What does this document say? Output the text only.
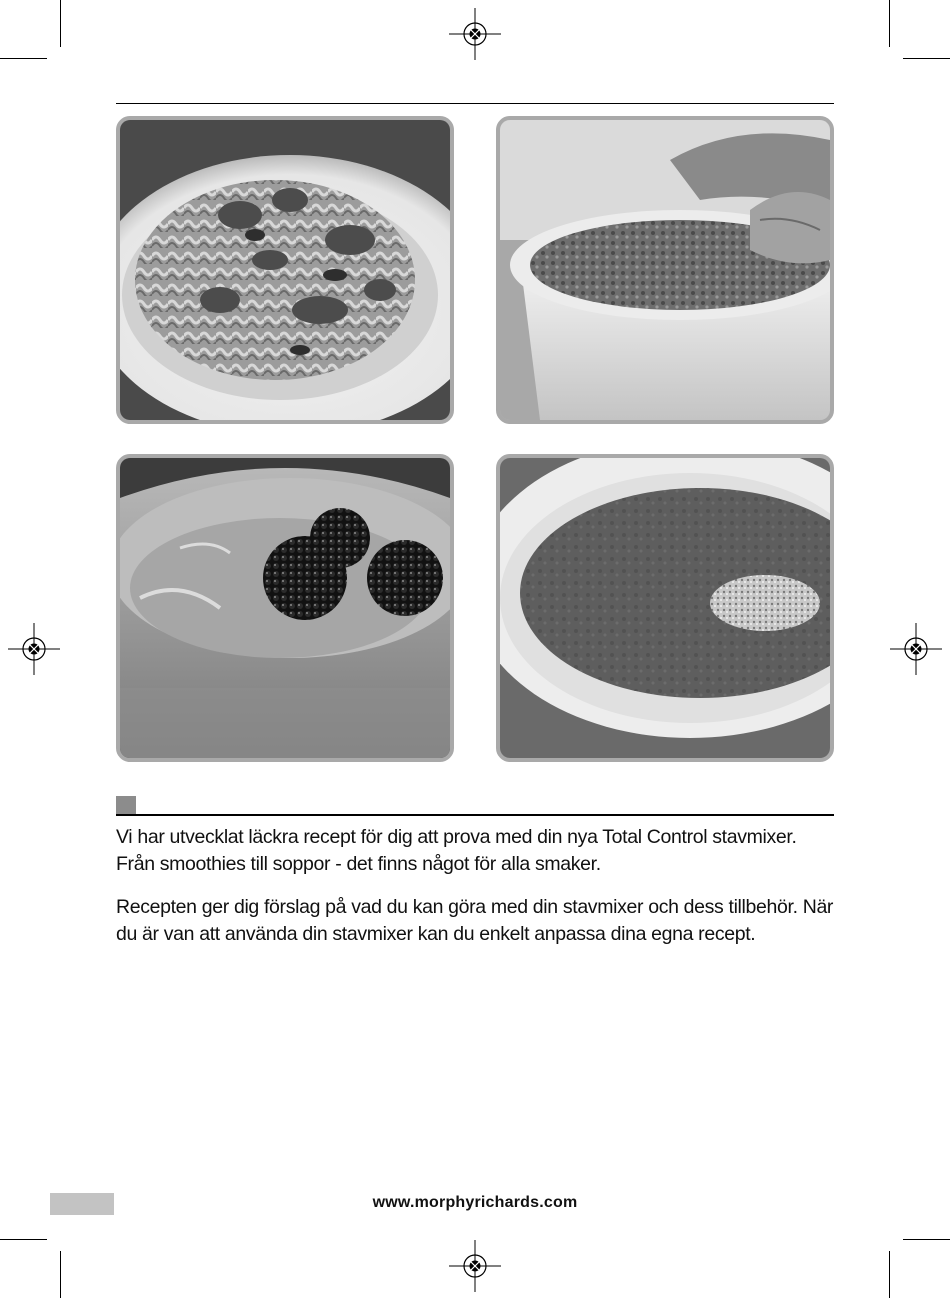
Vi har utvecklat läckra recept för dig att prova med din nya Total Control stavmixer. Från smoothies till soppor - det finns något för alla smaker.

Recepten ger dig förslag på vad du kan göra med din stavmixer och dess tillbehör. När du är van att använda din stavmixer kan du enkelt anpassa dina egna recept.

www.morphyrichards.com
